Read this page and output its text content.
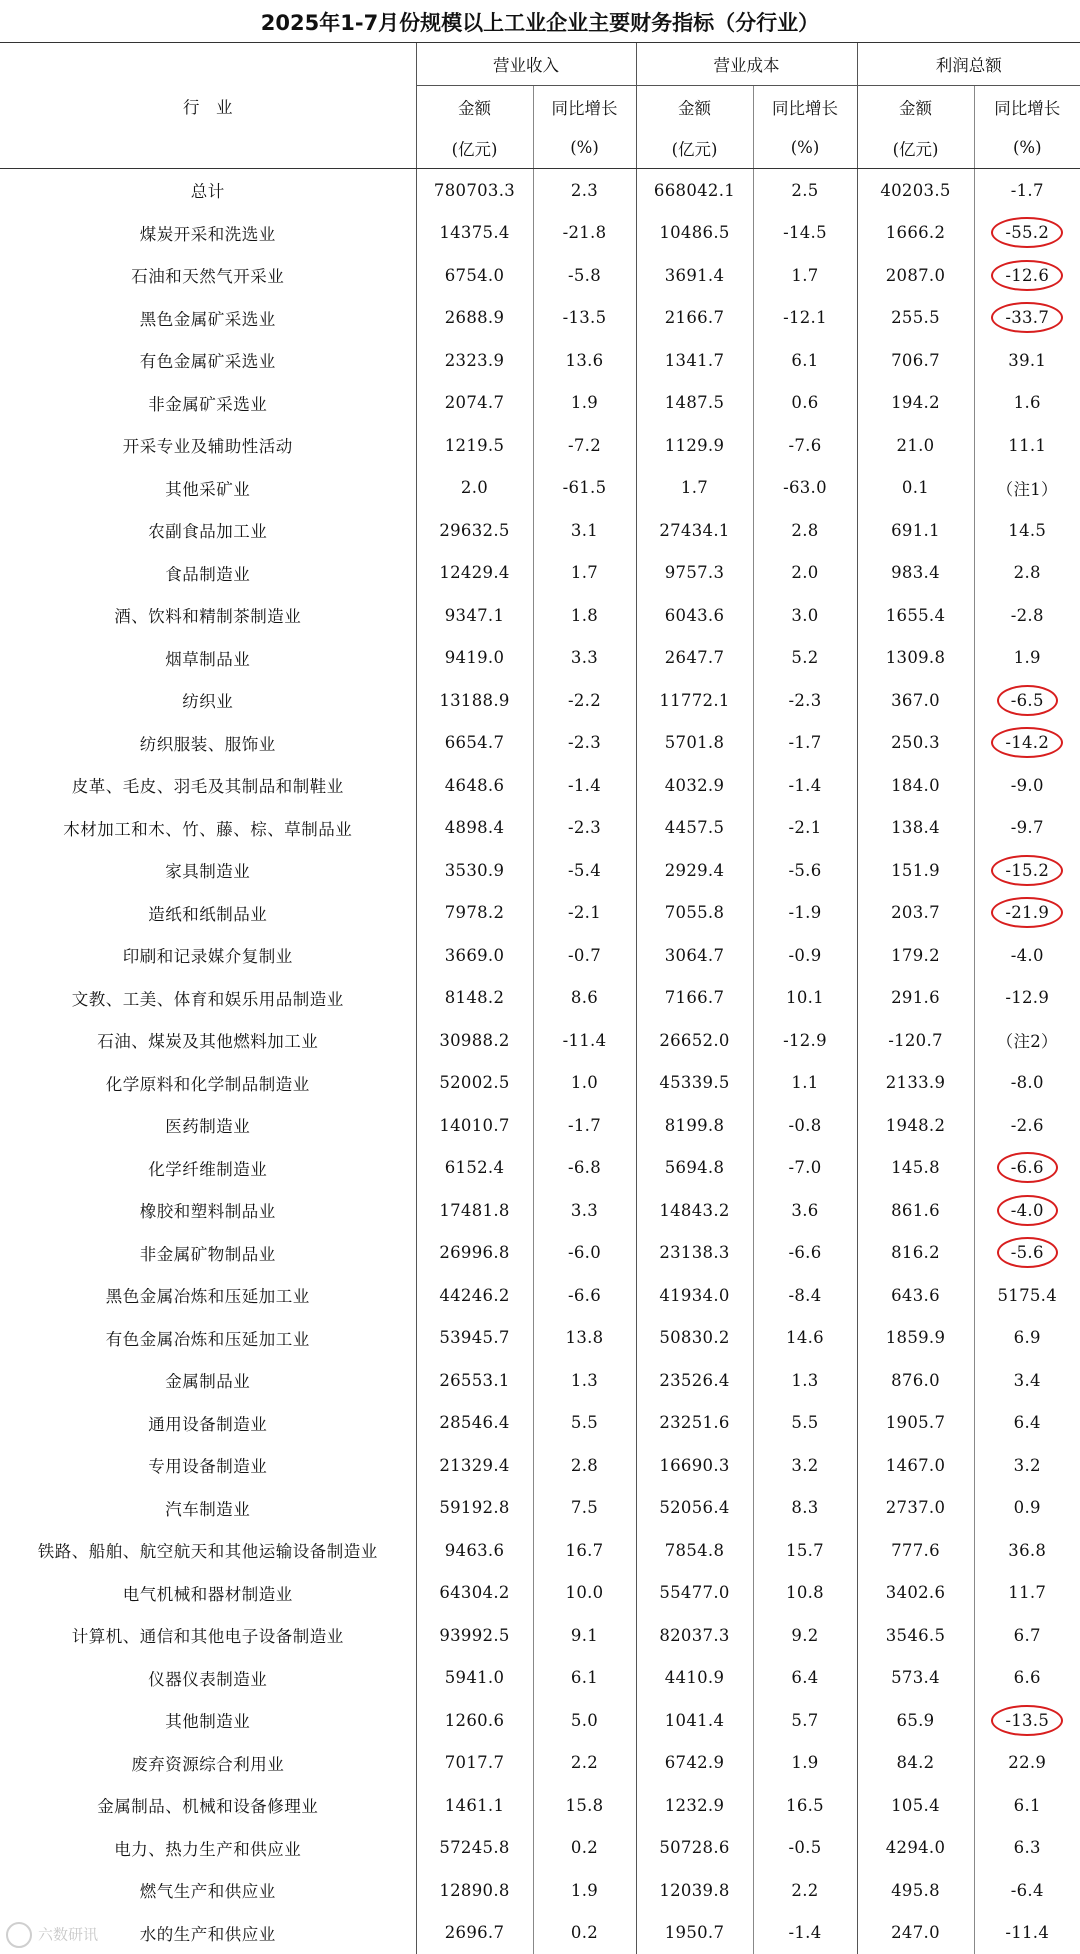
2025年1-7月份规模以上工业企业主要财务指标（分行业）
行　业	营业收入		营业成本		利润总额	
	金额	同比增长	金额	同比增长	金额	同比增长
	(亿元)	(%)	(亿元)	(%)	(亿元)	(%)
总计	780703.3	2.3	668042.1	2.5	40203.5	-1.7
煤炭开采和洗选业	14375.4	-21.8	10486.5	-14.5	1666.2	-55.2
石油和天然气开采业	6754.0	-5.8	3691.4	1.7	2087.0	-12.6
黑色金属矿采选业	2688.9	-13.5	2166.7	-12.1	255.5	-33.7
有色金属矿采选业	2323.9	13.6	1341.7	6.1	706.7	39.1
非金属矿采选业	2074.7	1.9	1487.5	0.6	194.2	1.6
开采专业及辅助性活动	1219.5	-7.2	1129.9	-7.6	21.0	11.1
其他采矿业	2.0	-61.5	1.7	-63.0	0.1	（注1）
农副食品加工业	29632.5	3.1	27434.1	2.8	691.1	14.5
食品制造业	12429.4	1.7	9757.3	2.0	983.4	2.8
酒、饮料和精制茶制造业	9347.1	1.8	6043.6	3.0	1655.4	-2.8
烟草制品业	9419.0	3.3	2647.7	5.2	1309.8	1.9
纺织业	13188.9	-2.2	11772.1	-2.3	367.0	-6.5
纺织服装、服饰业	6654.7	-2.3	5701.8	-1.7	250.3	-14.2
皮革、毛皮、羽毛及其制品和制鞋业	4648.6	-1.4	4032.9	-1.4	184.0	-9.0
木材加工和木、竹、藤、棕、草制品业	4898.4	-2.3	4457.5	-2.1	138.4	-9.7
家具制造业	3530.9	-5.4	2929.4	-5.6	151.9	-15.2
造纸和纸制品业	7978.2	-2.1	7055.8	-1.9	203.7	-21.9
印刷和记录媒介复制业	3669.0	-0.7	3064.7	-0.9	179.2	-4.0
文教、工美、体育和娱乐用品制造业	8148.2	8.6	7166.7	10.1	291.6	-12.9
石油、煤炭及其他燃料加工业	30988.2	-11.4	26652.0	-12.9	-120.7	（注2）
化学原料和化学制品制造业	52002.5	1.0	45339.5	1.1	2133.9	-8.0
医药制造业	14010.7	-1.7	8199.8	-0.8	1948.2	-2.6
化学纤维制造业	6152.4	-6.8	5694.8	-7.0	145.8	-6.6
橡胶和塑料制品业	17481.8	3.3	14843.2	3.6	861.6	-4.0
非金属矿物制品业	26996.8	-6.0	23138.3	-6.6	816.2	-5.6
黑色金属冶炼和压延加工业	44246.2	-6.6	41934.0	-8.4	643.6	5175.4
有色金属冶炼和压延加工业	53945.7	13.8	50830.2	14.6	1859.9	6.9
金属制品业	26553.1	1.3	23526.4	1.3	876.0	3.4
通用设备制造业	28546.4	5.5	23251.6	5.5	1905.7	6.4
专用设备制造业	21329.4	2.8	16690.3	3.2	1467.0	3.2
汽车制造业	59192.8	7.5	52056.4	8.3	2737.0	0.9
铁路、船舶、航空航天和其他运输设备制造业	9463.6	16.7	7854.8	15.7	777.6	36.8
电气机械和器材制造业	64304.2	10.0	55477.0	10.8	3402.6	11.7
计算机、通信和其他电子设备制造业	93992.5	9.1	82037.3	9.2	3546.5	6.7
仪器仪表制造业	5941.0	6.1	4410.9	6.4	573.4	6.6
其他制造业	1260.6	5.0	1041.4	5.7	65.9	-13.5
废弃资源综合利用业	7017.7	2.2	6742.9	1.9	84.2	22.9
金属制品、机械和设备修理业	1461.1	15.8	1232.9	16.5	105.4	6.1
电力、热力生产和供应业	57245.8	0.2	50728.6	-0.5	4294.0	6.3
燃气生产和供应业	12890.8	1.9	12039.8	2.2	495.8	-6.4
水的生产和供应业	2696.7	0.2	1950.7	-1.4	247.0	-11.4
六数研讯
